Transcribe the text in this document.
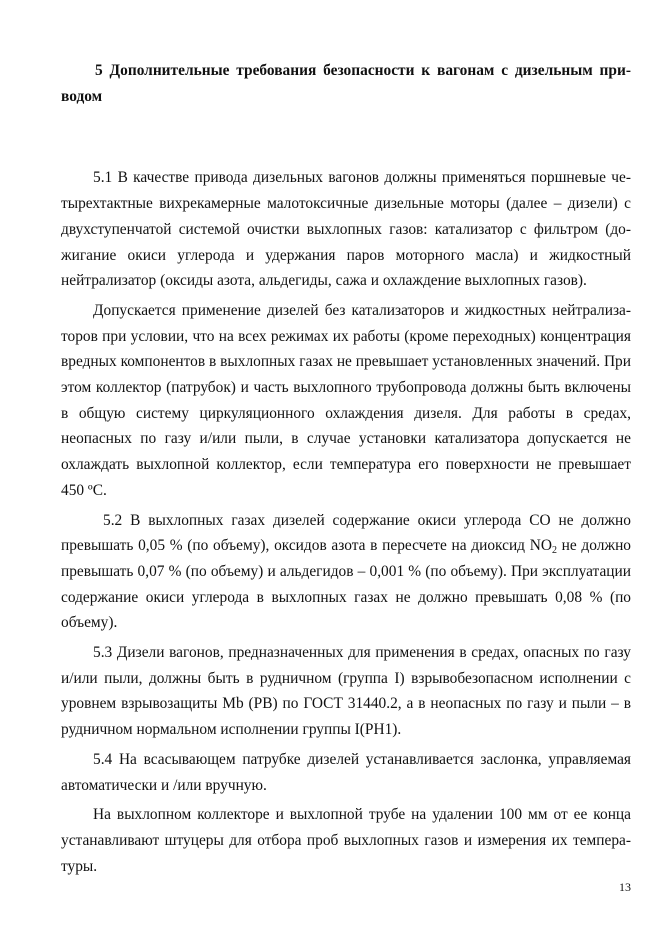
5 Дополнительные требования безопасности к вагонам с дизельным приводом

5.1 В качестве привода дизельных вагонов должны применяться поршневые четырехтактные вихрекамерные малотоксичные дизельные моторы (далее – дизели) с двухступенчатой системой очистки выхлопных газов: катализатор с фильтром (дожигание окиси углерода и удержания паров моторного масла) и жидкостный нейтрализатор (оксиды азота, альдегиды, сажа и охлаждение выхлопных газов).

Допускается применение дизелей без катализаторов и жидкостных нейтрализаторов при условии, что на всех режимах их работы (кроме переходных) концентрация вредных компонентов в выхлопных газах не превышает установленных значений. При этом коллектор (патрубок) и часть выхлопного трубопровода должны быть включены в общую систему циркуляционного охлаждения дизеля. Для работы в средах, неопасных по газу и/или пыли, в случае установки катализатора допускается не охлаждать выхлопной коллектор, если температура его поверхности не превышает 450 ºC.

5.2 В выхлопных газах дизелей содержание окиси углерода СО не должно превышать 0,05 % (по объему), оксидов азота в пересчете на диоксид $NO_2$ не должно превышать 0,07 % (по объему) и альдегидов – 0,001 % (по объему). При эксплуатации содержание окиси углерода в выхлопных газах не должно превышать 0,08 % (по объему).

5.3 Дизели вагонов, предназначенных для применения в средах, опасных по газу и/или пыли, должны быть в рудничном (группа I) взрывобезопасном исполнении с уровнем взрывозащиты Mb (РВ) по ГОСТ 31440.2, а в неопасных по газу и пыли – в рудничном нормальном исполнении группы I(PH1).

5.4 На всасывающем патрубке дизелей устанавливается заслонка, управляемая автоматически и /или вручную.

На выхлопном коллекторе и выхлопной трубе на удалении 100 мм от ее конца устанавливают штуцеры для отбора проб выхлопных газов и измерения их температуры.

13
